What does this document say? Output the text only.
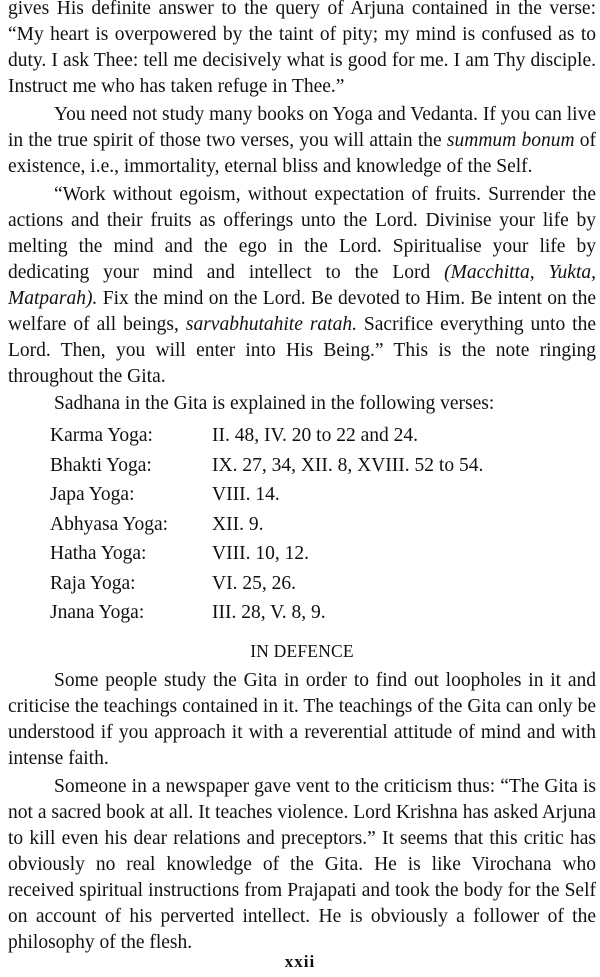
gives His definite answer to the query of Arjuna contained in the verse: “My heart is overpowered by the taint of pity; my mind is confused as to duty. I ask Thee: tell me decisively what is good for me. I am Thy disciple. Instruct me who has taken refuge in Thee.”

You need not study many books on Yoga and Vedanta. If you can live in the true spirit of those two verses, you will attain the summum bonum of existence, i.e., immortality, eternal bliss and knowledge of the Self.

“Work without egoism, without expectation of fruits. Surrender the actions and their fruits as offerings unto the Lord. Divinise your life by melting the mind and the ego in the Lord. Spiritualise your life by dedicating your mind and intellect to the Lord (Macchitta, Yukta, Matparah). Fix the mind on the Lord. Be devoted to Him. Be intent on the welfare of all beings, sarvabhutahite ratah. Sacrifice everything unto the Lord. Then, you will enter into His Being.” This is the note ringing throughout the Gita.

Sadhana in the Gita is explained in the following verses:

Karma Yoga:	II. 48, IV. 20 to 22 and 24.
Bhakti Yoga:	IX. 27, 34, XII. 8, XVIII. 52 to 54.
Japa Yoga:	VIII. 14.
Abhyasa Yoga:	XII. 9.
Hatha Yoga:	VIII. 10, 12.
Raja Yoga:	VI. 25, 26.
Jnana Yoga:	III. 28, V. 8, 9.
IN DEFENCE

Some people study the Gita in order to find out loopholes in it and criticise the teachings contained in it. The teachings of the Gita can only be understood if you approach it with a reverential attitude of mind and with intense faith.

Someone in a newspaper gave vent to the criticism thus: “The Gita is not a sacred book at all. It teaches violence. Lord Krishna has asked Arjuna to kill even his dear relations and preceptors.” It seems that this critic has obviously no real knowledge of the Gita. He is like Virochana who received spiritual instructions from Prajapati and took the body for the Self on account of his perverted intellect. He is obviously a follower of the philosophy of the flesh.

xxii
